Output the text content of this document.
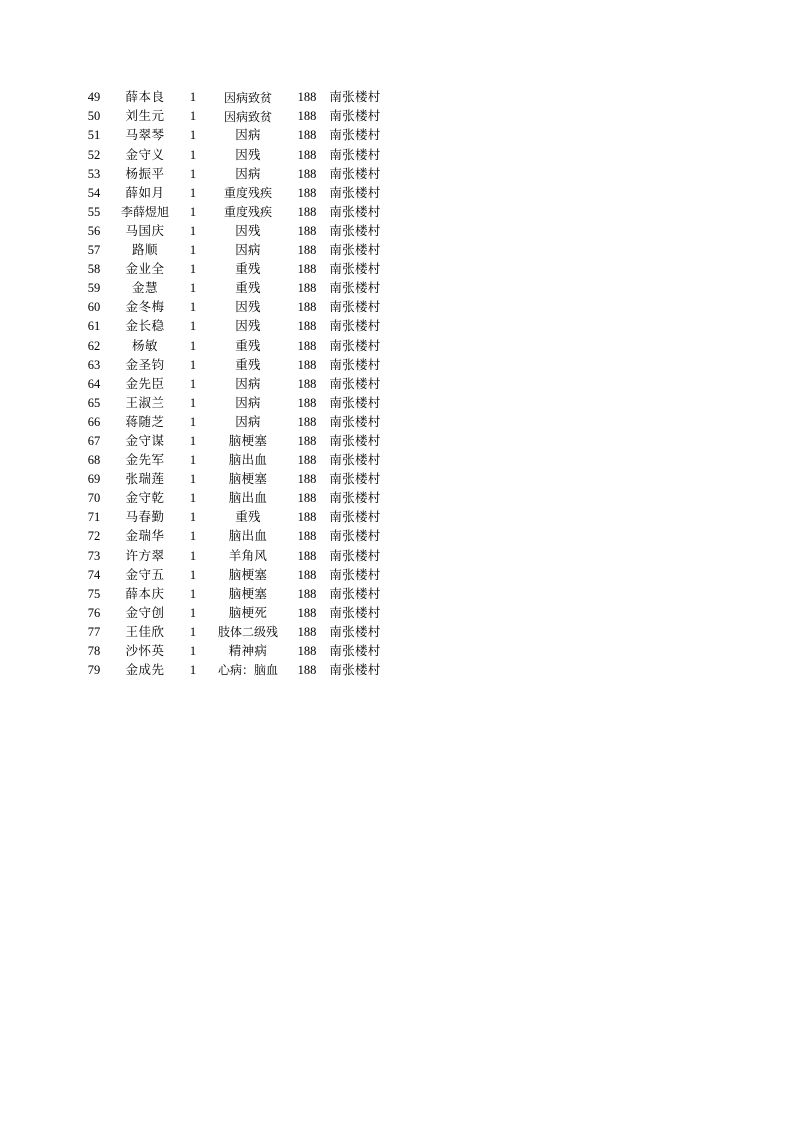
49	薛本良	1	因病致贫	188	南张楼村
50	刘生元	1	因病致贫	188	南张楼村
51	马翠琴	1	因病	188	南张楼村
52	金守义	1	因残	188	南张楼村
53	杨振平	1	因病	188	南张楼村
54	薛如月	1	重度残疾	188	南张楼村
55	李薛煜旭	1	重度残疾	188	南张楼村
56	马国庆	1	因残	188	南张楼村
57	路顺	1	因病	188	南张楼村
58	金业全	1	重残	188	南张楼村
59	金慧	1	重残	188	南张楼村
60	金冬梅	1	因残	188	南张楼村
61	金长稳	1	因残	188	南张楼村
62	杨敏	1	重残	188	南张楼村
63	金圣钧	1	重残	188	南张楼村
64	金先臣	1	因病	188	南张楼村
65	王淑兰	1	因病	188	南张楼村
66	蒋随芝	1	因病	188	南张楼村
67	金守谋	1	脑梗塞	188	南张楼村
68	金先军	1	脑出血	188	南张楼村
69	张瑞莲	1	脑梗塞	188	南张楼村
70	金守乾	1	脑出血	188	南张楼村
71	马春勤	1	重残	188	南张楼村
72	金瑞华	1	脑出血	188	南张楼村
73	许方翠	1	羊角风	188	南张楼村
74	金守五	1	脑梗塞	188	南张楼村
75	薛本庆	1	脑梗塞	188	南张楼村
76	金守创	1	脑梗死	188	南张楼村
77	王佳欣	1	肢体二级残	188	南张楼村
78	沙怀英	1	精神病	188	南张楼村
79	金成先	1	心病：脑血	188	南张楼村
